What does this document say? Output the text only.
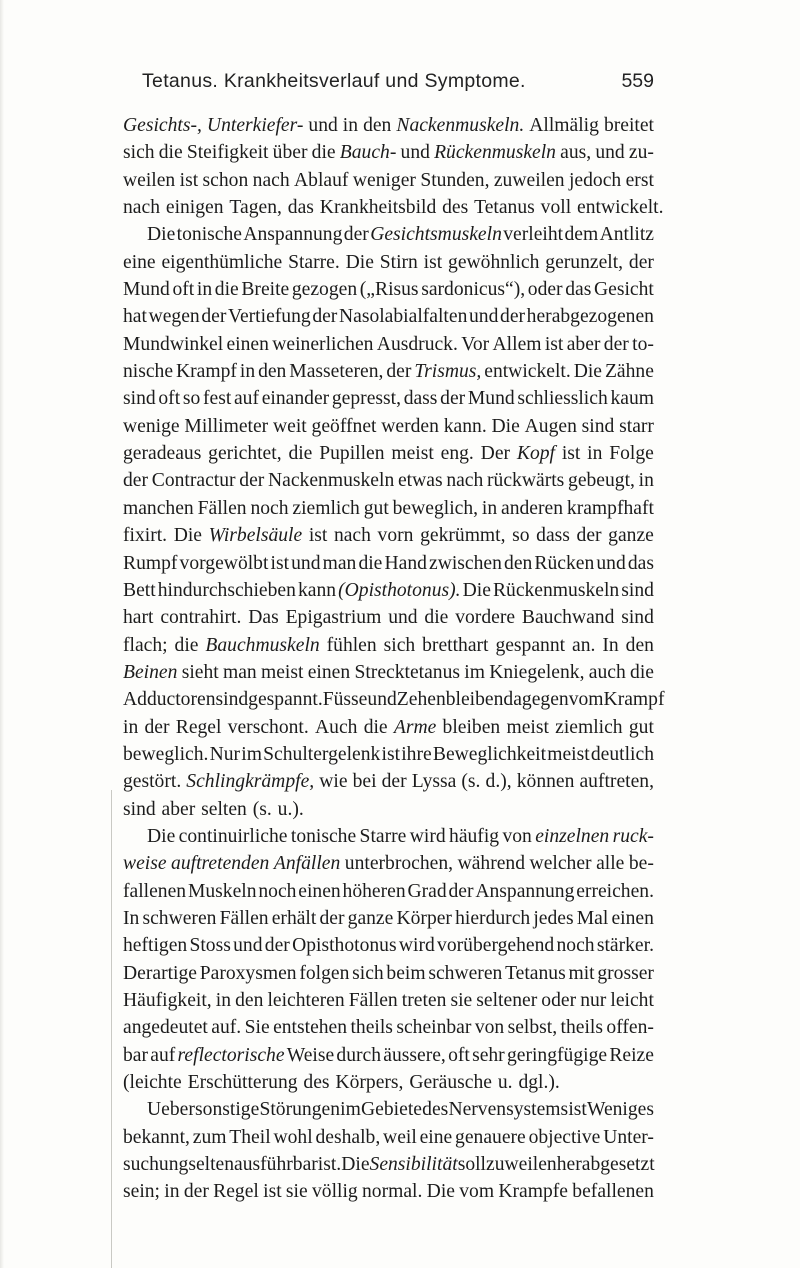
Tetanus. Krankheitsverlauf und Symptome.	559
Gesichts-, Unterkiefer- und in den Nackenmuskeln. Allmälig breitet
sich die Steifigkeit über die Bauch- und Rückenmuskeln aus, und zu-
weilen ist schon nach Ablauf weniger Stunden, zuweilen jedoch erst
nach einigen Tagen, das Krankheitsbild des Tetanus voll entwickelt.
Die tonische Anspannung der Gesichtsmuskeln verleiht dem Antlitz
eine eigenthümliche Starre. Die Stirn ist gewöhnlich gerunzelt, der
Mund oft in die Breite gezogen („Risus sardonicus“), oder das Gesicht
hat wegen der Vertiefung der Nasolabialfalten und der herabgezogenen
Mundwinkel einen weinerlichen Ausdruck. Vor Allem ist aber der to-
nische Krampf in den Masseteren, der Trismus, entwickelt. Die Zähne
sind oft so fest auf einander gepresst, dass der Mund schliesslich kaum
wenige Millimeter weit geöffnet werden kann. Die Augen sind starr
geradeaus gerichtet, die Pupillen meist eng. Der Kopf ist in Folge
der Contractur der Nackenmuskeln etwas nach rückwärts gebeugt, in
manchen Fällen noch ziemlich gut beweglich, in anderen krampfhaft
fixirt. Die Wirbelsäule ist nach vorn gekrümmt, so dass der ganze
Rumpf vorgewölbt ist und man die Hand zwischen den Rücken und das
Bett hindurchschieben kann (Opisthotonus). Die Rückenmuskeln sind
hart contrahirt. Das Epigastrium und die vordere Bauchwand sind
flach; die Bauchmuskeln fühlen sich bretthart gespannt an. In den
Beinen sieht man meist einen Strecktetanus im Kniegelenk, auch die
Adductoren sind gespannt. Füsse und Zehen bleiben dagegen vom Krampf
in der Regel verschont. Auch die Arme bleiben meist ziemlich gut
beweglich. Nur im Schultergelenk ist ihre Beweglichkeit meist deutlich
gestört. Schlingkrämpfe, wie bei der Lyssa (s. d.), können auftreten,
sind aber selten (s. u.).
Die continuirliche tonische Starre wird häufig von einzelnen ruck-
weise auftretenden Anfällen unterbrochen, während welcher alle be-
fallenen Muskeln noch einen höheren Grad der Anspannung erreichen.
In schweren Fällen erhält der ganze Körper hierdurch jedes Mal einen
heftigen Stoss und der Opisthotonus wird vorübergehend noch stärker.
Derartige Paroxysmen folgen sich beim schweren Tetanus mit grosser
Häufigkeit, in den leichteren Fällen treten sie seltener oder nur leicht
angedeutet auf. Sie entstehen theils scheinbar von selbst, theils offen-
bar auf reflectorische Weise durch äussere, oft sehr geringfügige Reize
(leichte Erschütterung des Körpers, Geräusche u. dgl.).
Ueber sonstige Störungen im Gebiete des Nervensystems ist Weniges
bekannt, zum Theil wohl deshalb, weil eine genauere objective Unter-
suchung selten ausführbar ist. Die Sensibilität soll zuweilen herabgesetzt
sein; in der Regel ist sie völlig normal. Die vom Krampfe befallenen
